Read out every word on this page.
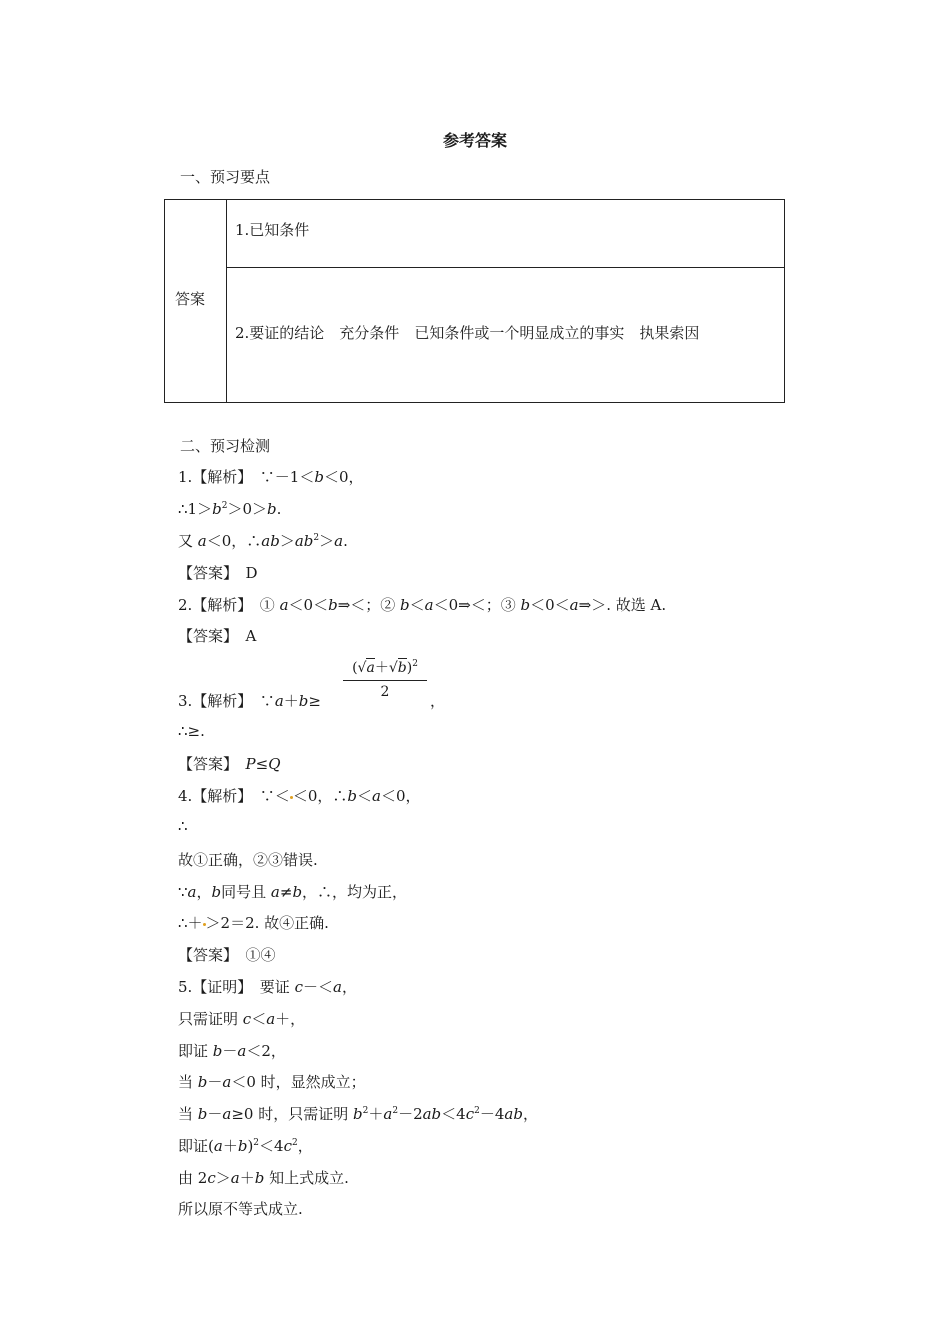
参考答案
一、预习要点
答案
1.已知条件
2.要证的结论　充分条件　已知条件或一个明显成立的事实　执果索因
二、预习检测
1.【解析】　∵－1＜b＜0，
$\therefore 1>b^2>0>b$.
又 a＜0，$\therefore ab>ab^2>a$.
【答案】　 D
2.【解析】　① a＜0＜b⇒＜；② b＜a＜0⇒＜；③ b＜0＜a⇒＞. 故选 A.
【答案】　 A
$\frac{(√a+√b)^2}{2}$
3.【解析】　∵a＋b≥	，
∴≥.
【答案】　 P≤Q
4.【解析】　∵＜ ＜0，∴b＜a＜0，
∴
故①正确，②③错误.
∵a，b同号且 a≠b，∴，均为正，
∴＋ ＞2＝2. 故④正确.
【答案】　 ①④
5.【证明】　要证 c－＜a，
只需证明 c＜a＋，
即证 b－a＜2，
当 b－a＜0 时，显然成立；
当 b－a≥0 时，只需证明 $b^2+a^2-2ab<4c^2-4ab$，
即证$(a+b)^2<4c^2$，
由 2c＞a＋b 知上式成立.
所以原不等式成立.
